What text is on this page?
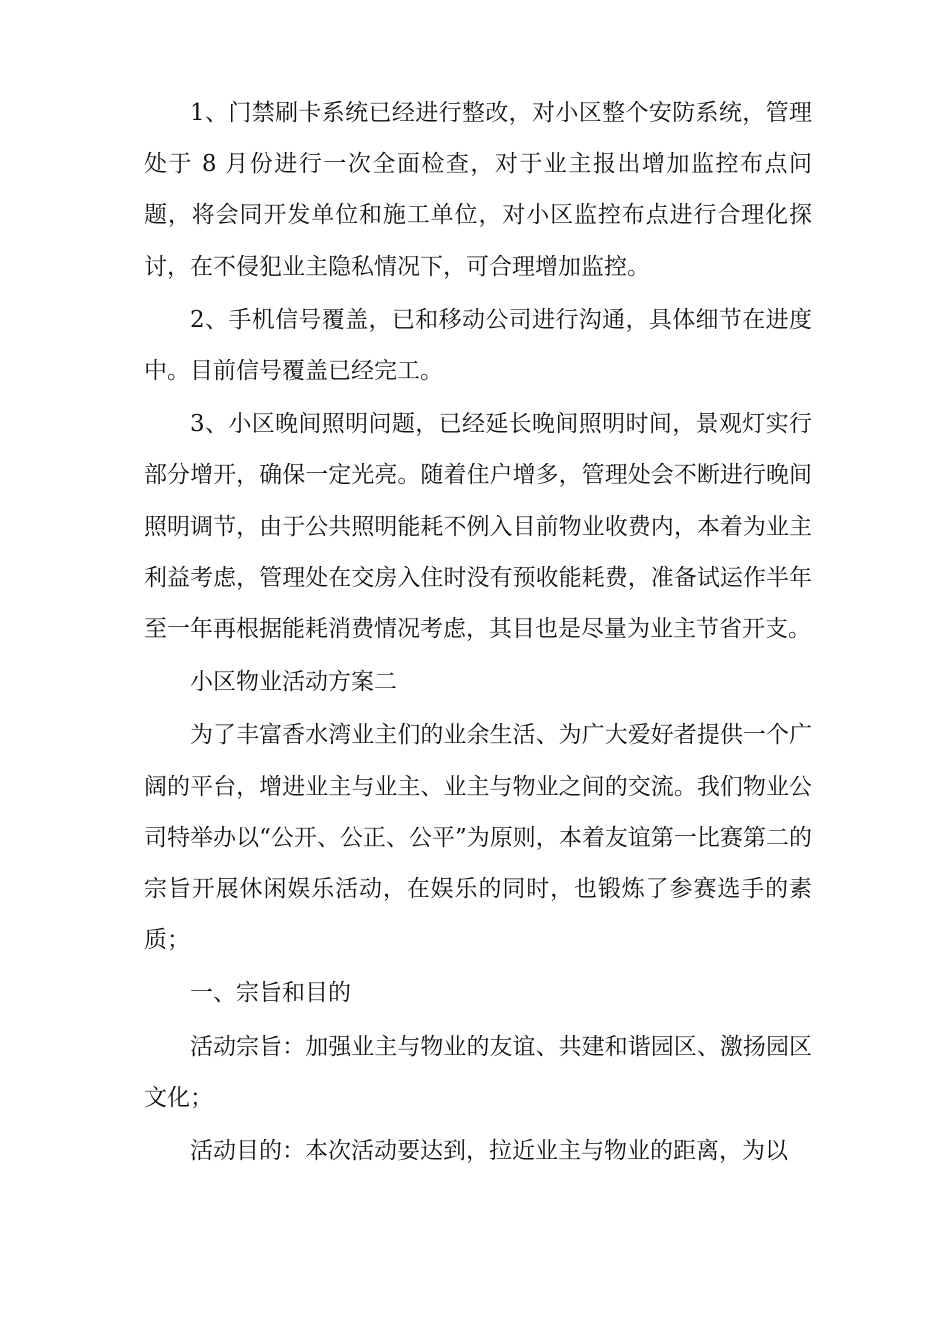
1、门禁刷卡系统已经进行整改，对小区整个安防系统，管理处于 8 月份进行一次全面检查，对于业主报出增加监控布点问题，将会同开发单位和施工单位，对小区监控布点进行合理化探讨，在不侵犯业主隐私情况下，可合理增加监控。

2、手机信号覆盖，已和移动公司进行沟通，具体细节在进度中。目前信号覆盖已经完工。

3、小区晚间照明问题，已经延长晚间照明时间，景观灯实行部分增开，确保一定光亮。随着住户增多，管理处会不断进行晚间照明调节，由于公共照明能耗不例入目前物业收费内，本着为业主利益考虑，管理处在交房入住时没有预收能耗费，准备试运作半年至一年再根据能耗消费情况考虑，其目也是尽量为业主节省开支。

小区物业活动方案二

为了丰富香水湾业主们的业余生活、为广大爱好者提供一个广阔的平台，增进业主与业主、业主与物业之间的交流。我们物业公司特举办以“公开、公正、公平”为原则，本着友谊第一比赛第二的宗旨开展休闲娱乐活动，在娱乐的同时，也锻炼了参赛选手的素质；

一、宗旨和目的

活动宗旨：加强业主与物业的友谊、共建和谐园区、激扬园区文化；

活动目的：本次活动要达到，拉近业主与物业的距离，为以
